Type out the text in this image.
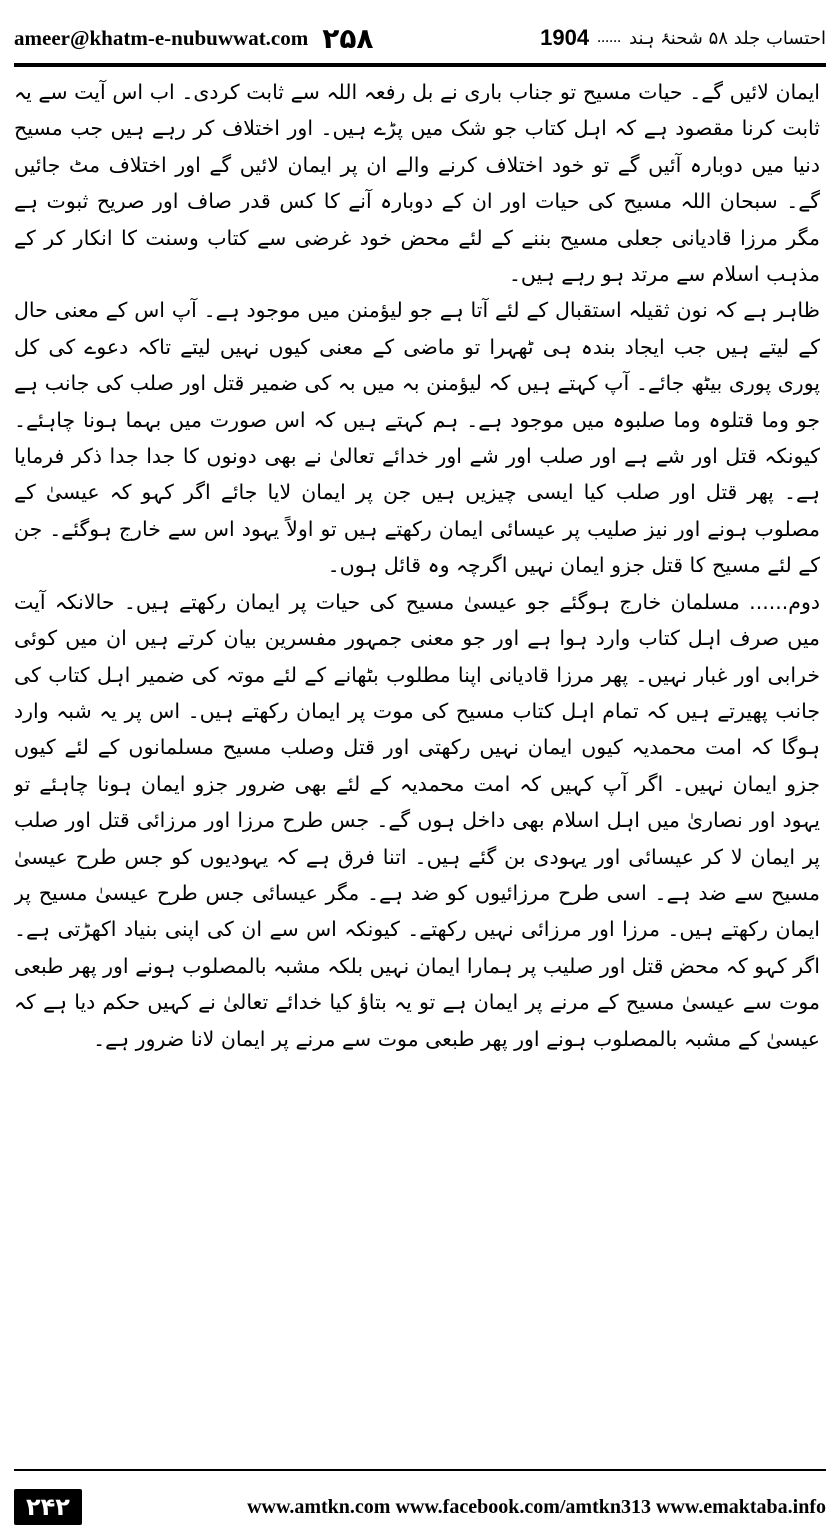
ameer@khatm-e-nubuwwat.com ۲۵۸	احتساب جلد ۵۸ شحنۂ ہند
......
1904

ایمان لائیں گے۔ حیات مسیح تو جناب باری نے بل رفعہ اللہ سے ثابت کردی۔ اب اس آیت سے یہ ثابت کرنا مقصود ہے کہ اہل کتاب جو شک میں پڑے ہیں۔ اور اختلاف کر رہے ہیں جب مسیح دنیا میں دوبارہ آئیں گے تو خود اختلاف کرنے والے ان پر ایمان لائیں گے اور اختلاف مٹ جائیں گے۔ سبحان اللہ مسیح کی حیات اور ان کے دوبارہ آنے کا کس قدر صاف اور صریح ثبوت ہے مگر مرزا قادیانی جعلی مسیح بننے کے لئے محض خود غرضی سے کتاب وسنت کا انکار کر کے مذہب اسلام سے مرتد ہو رہے ہیں۔

ظاہر ہے کہ نون ثقیلہ استقبال کے لئے آتا ہے جو لیؤمنن میں موجود ہے۔ آپ اس کے معنی حال کے لیتے ہیں جب ایجاد بندہ ہی ٹھہرا تو ماضی کے معنی کیوں نہیں لیتے تاکہ دعوے کی کل پوری پوری بیٹھ جائے۔ آپ کہتے ہیں کہ لیؤمنن بہ میں بہ کی ضمیر قتل اور صلب کی جانب ہے جو وما قتلوہ وما صلبوہ میں موجود ہے۔ ہم کہتے ہیں کہ اس صورت میں بہما ہونا چاہئے۔ کیونکہ قتل اور شے ہے اور صلب اور شے اور خدائے تعالیٰ نے بھی دونوں کا جدا جدا ذکر فرمایا ہے۔ پھر قتل اور صلب کیا ایسی چیزیں ہیں جن پر ایمان لایا جائے اگر کہو کہ عیسیٰ کے مصلوب ہونے اور نیز صلیب پر عیسائی ایمان رکھتے ہیں تو اولاً یہود اس سے خارج ہوگئے۔ جن کے لئے مسیح کا قتل جزو ایمان نہیں اگرچہ وہ قائل ہوں۔

دوم...... مسلمان خارج ہوگئے جو عیسیٰ مسیح کی حیات پر ایمان رکھتے ہیں۔ حالانکہ آیت میں صرف اہل کتاب وارد ہوا ہے اور جو معنی جمہور مفسرین بیان کرتے ہیں ان میں کوئی خرابی اور غبار نہیں۔ پھر مرزا قادیانی اپنا مطلوب بٹھانے کے لئے موتہ کی ضمیر اہل کتاب کی جانب پھیرتے ہیں کہ تمام اہل کتاب مسیح کی موت پر ایمان رکھتے ہیں۔ اس پر یہ شبہ وارد ہوگا کہ امت محمدیہ کیوں ایمان نہیں رکھتی اور قتل وصلب مسیح مسلمانوں کے لئے کیوں جزو ایمان نہیں۔ اگر آپ کہیں کہ امت محمدیہ کے لئے بھی ضرور جزو ایمان ہونا چاہئے تو یہود اور نصاریٰ میں اہل اسلام بھی داخل ہوں گے۔ جس طرح مرزا اور مرزائی قتل اور صلب پر ایمان لا کر عیسائی اور یہودی بن گئے ہیں۔ اتنا فرق ہے کہ یہودیوں کو جس طرح عیسیٰ مسیح سے ضد ہے۔ اسی طرح مرزائیوں کو ضد ہے۔ مگر عیسائی جس طرح عیسیٰ مسیح پر ایمان رکھتے ہیں۔ مرزا اور مرزائی نہیں رکھتے۔ کیونکہ اس سے ان کی اپنی بنیاد اکھڑتی ہے۔ اگر کہو کہ محض قتل اور صلیب پر ہمارا ایمان نہیں بلکہ مشبہ بالمصلوب ہونے اور پھر طبعی موت سے عیسیٰ مسیح کے مرنے پر ایمان ہے تو یہ بتاؤ کیا خدائے تعالیٰ نے کہیں حکم دیا ہے کہ عیسیٰ کے مشبہ بالمصلوب ہونے اور پھر طبعی موت سے مرنے پر ایمان لانا ضرور ہے۔

۲۴۲	www.amtkn.com www.facebook.com/amtkn313 www.emaktaba.info
